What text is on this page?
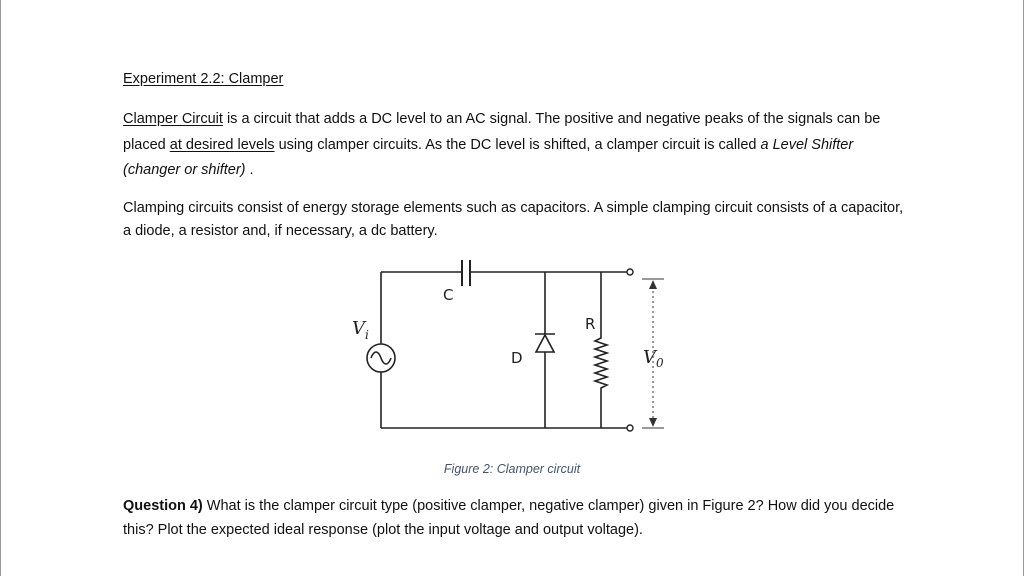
Experiment 2.2: Clamper

Clamper Circuit is a circuit that adds a DC level to an AC signal. The positive and negative peaks of the signals can be placed at desired levels using clamper circuits. As the DC level is shifted, a clamper circuit is called a Level Shifter (changer or shifter) .

Clamping circuits consist of energy storage elements such as capacitors. A simple clamping circuit consists of a capacitor, a diode, a resistor and, if necessary, a dc battery.

C
$V_i$
D
R
$V_0$
Figure 2: Clamper circuit

Question 4) What is the clamper circuit type (positive clamper, negative clamper) given in Figure 2? How did you decide this? Plot the expected ideal response (plot the input voltage and output voltage).
